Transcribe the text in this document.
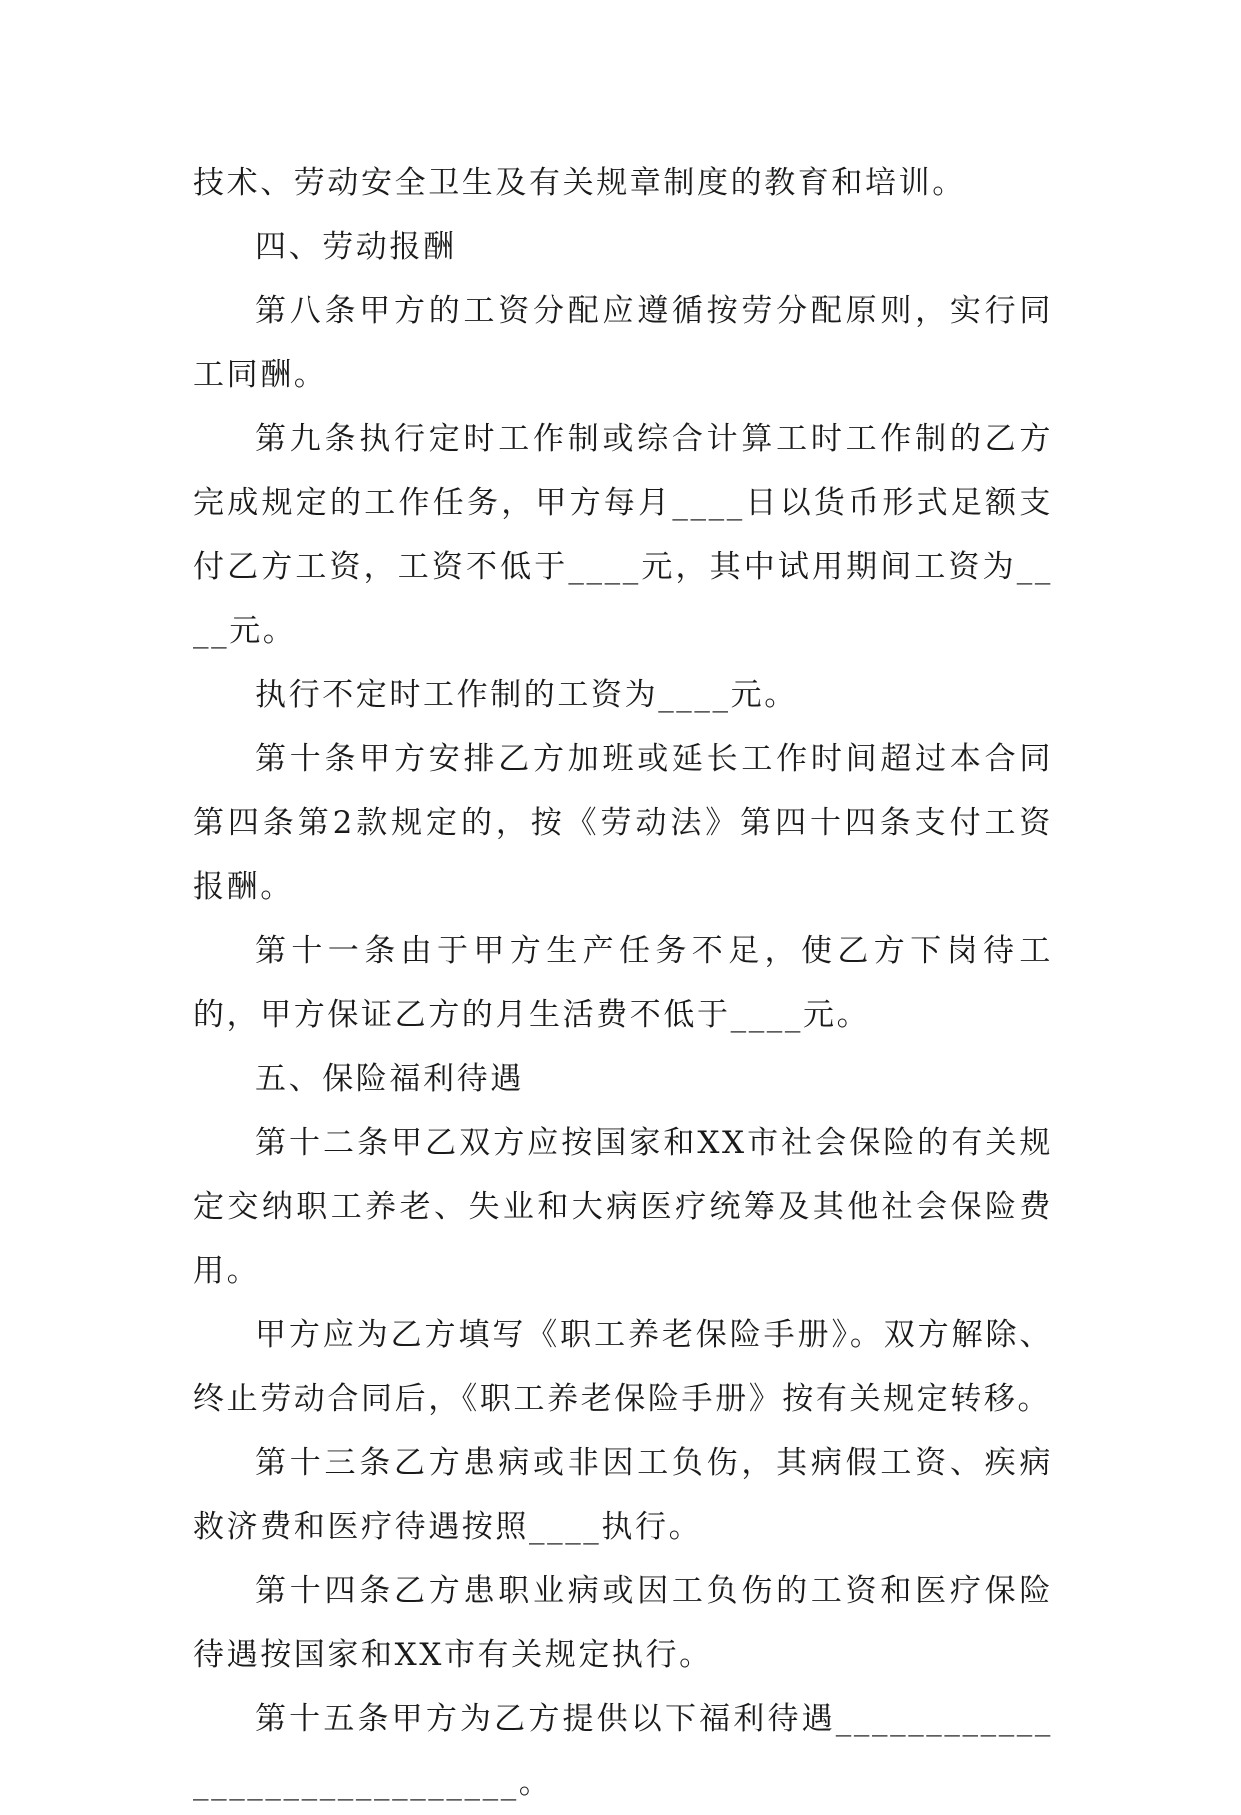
技术、劳动安全卫生及有关规章制度的教育和培训。

四、劳动报酬

第八条甲方的工资分配应遵循按劳分配原则，实行同工同酬。

第九条执行定时工作制或综合计算工时工作制的乙方完成规定的工作任务，甲方每月____日以货币形式足额支付乙方工资，工资不低于____元，其中试用期间工资为____元。

执行不定时工作制的工资为____元。

第十条甲方安排乙方加班或延长工作时间超过本合同第四条第2款规定的，按《劳动法》第四十四条支付工资报酬。

第十一条由于甲方生产任务不足，使乙方下岗待工的，甲方保证乙方的月生活费不低于____元。

五、保险福利待遇

第十二条甲乙双方应按国家和XX市社会保险的有关规定交纳职工养老、失业和大病医疗统筹及其他社会保险费用。

甲方应为乙方填写《职工养老保险手册》。双方解除、终止劳动合同后，《职工养老保险手册》按有关规定转移。

第十三条乙方患病或非因工负伤，其病假工资、疾病救济费和医疗待遇按照____执行。

第十四条乙方患职业病或因工负伤的工资和医疗保险待遇按国家和XX市有关规定执行。

第十五条甲方为乙方提供以下福利待遇______________________________。
